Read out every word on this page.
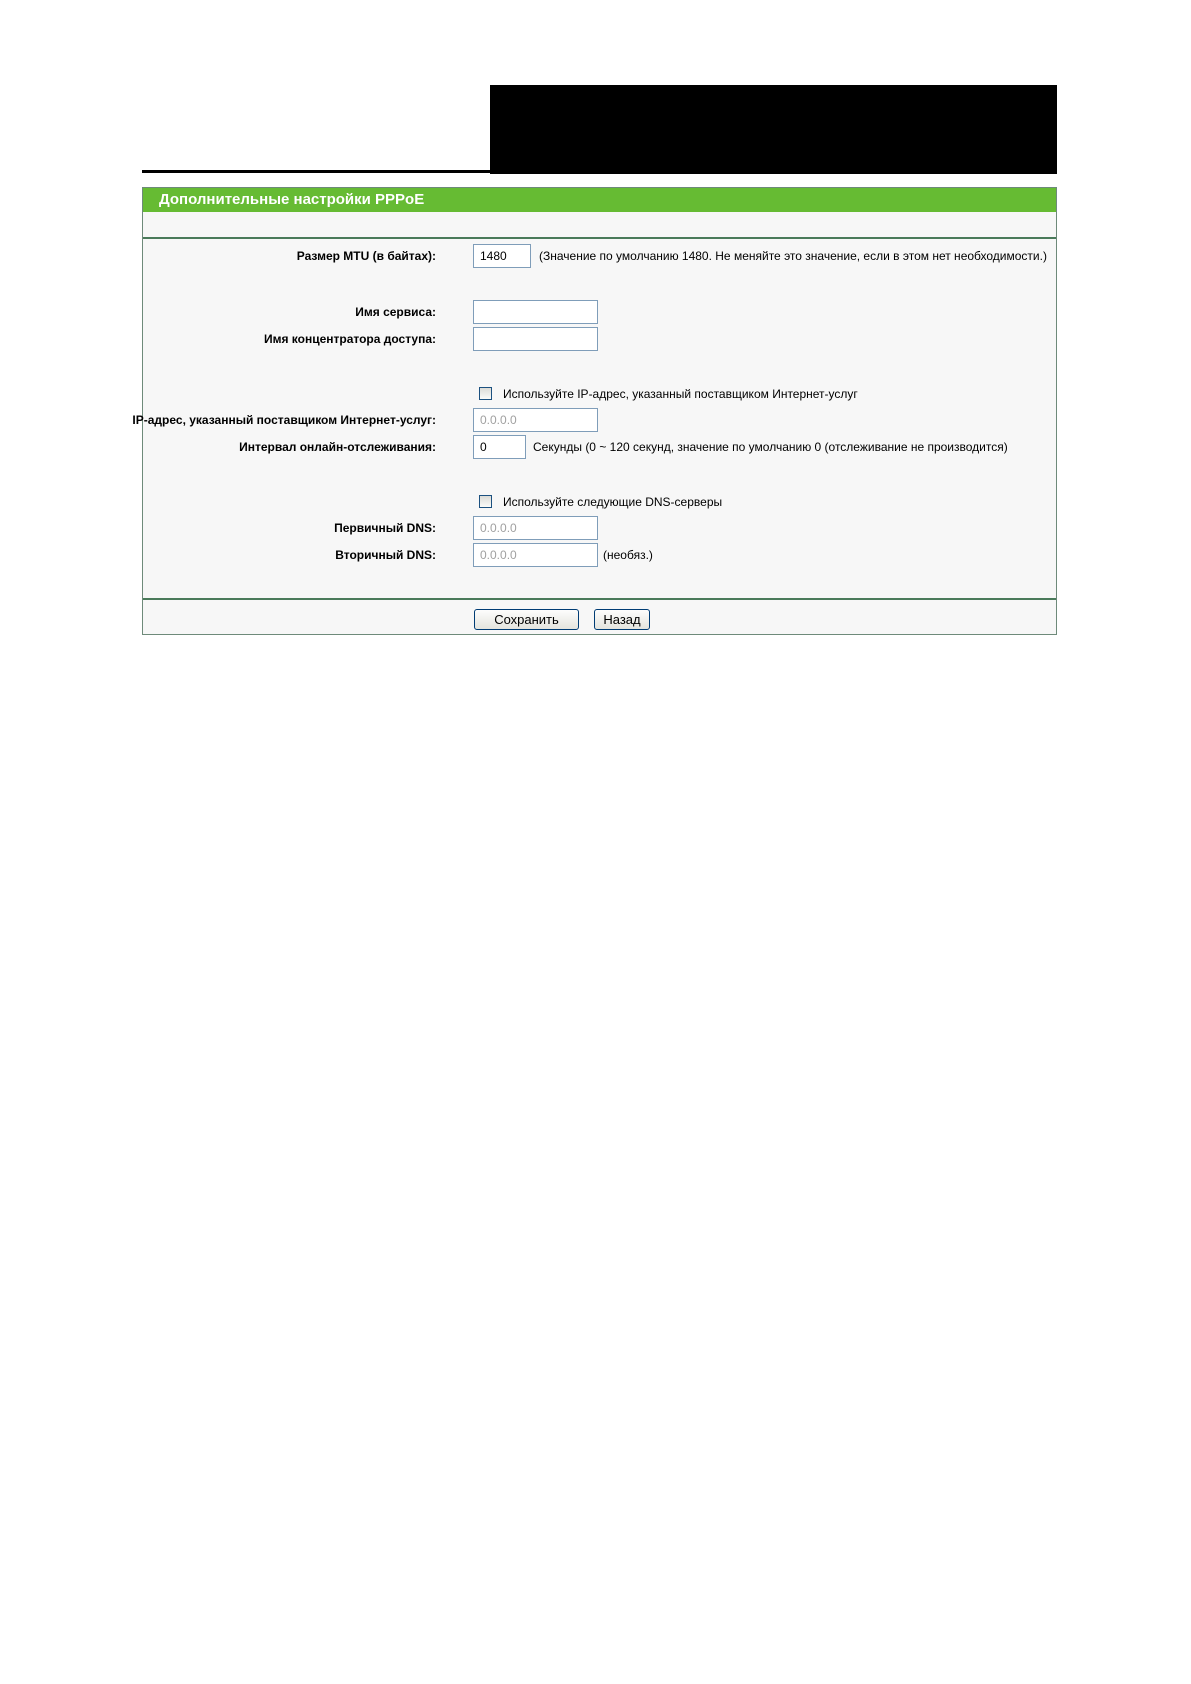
Дополнительные настройки PPPoE
Размер MTU (в байтах):	1480	(Значение по умолчанию 1480. Не меняйте это значение, если в этом нет необходимости.)
Имя сервиса:
Имя концентратора доступа:
Используйте IP-адрес, указанный поставщиком Интернет-услуг
IP-адрес, указанный поставщиком Интернет-услуг:	0.0.0.0
Интервал онлайн-отслеживания:	0	Секунды (0 ~ 120 секунд, значение по умолчанию 0 (отслеживание не производится)
Используйте следующие DNS-серверы
Первичный DNS:	0.0.0.0
Вторичный DNS:	0.0.0.0	(необяз.)
Сохранить	Назад
